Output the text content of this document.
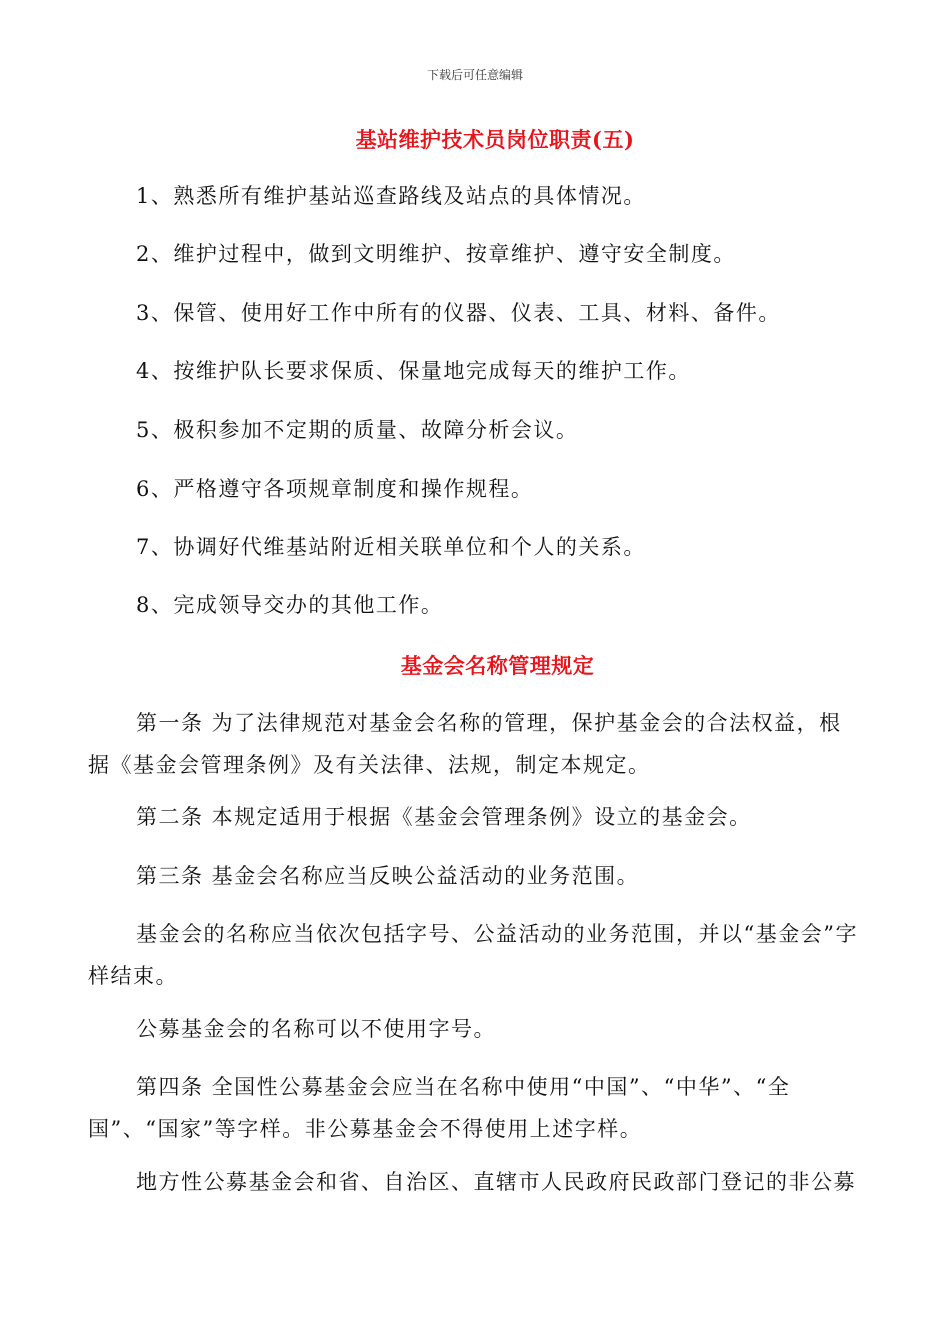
下载后可任意编辑
基站维护技术员岗位职责(五)
1、熟悉所有维护基站巡查路线及站点的具体情况。
2、维护过程中，做到文明维护、按章维护、遵守安全制度。
3、保管、使用好工作中所有的仪器、仪表、工具、材料、备件。
4、按维护队长要求保质、保量地完成每天的维护工作。
5、极积参加不定期的质量、故障分析会议。
6、严格遵守各项规章制度和操作规程。
7、协调好代维基站附近相关联单位和个人的关系。
8、完成领导交办的其他工作。
基金会名称管理规定
第一条 为了法律规范对基金会名称的管理，保护基金会的合法权益，根据《基金会管理条例》及有关法律、法规，制定本规定。
第二条 本规定适用于根据《基金会管理条例》设立的基金会。
第三条 基金会名称应当反映公益活动的业务范围。
基金会的名称应当依次包括字号、公益活动的业务范围，并以“基金会”字样结束。
公募基金会的名称可以不使用字号。
第四条 全国性公募基金会应当在名称中使用“中国”、“中华”、“全国”、“国家”等字样。非公募基金会不得使用上述字样。
地方性公募基金会和省、自治区、直辖市人民政府民政部门登记的非公募
